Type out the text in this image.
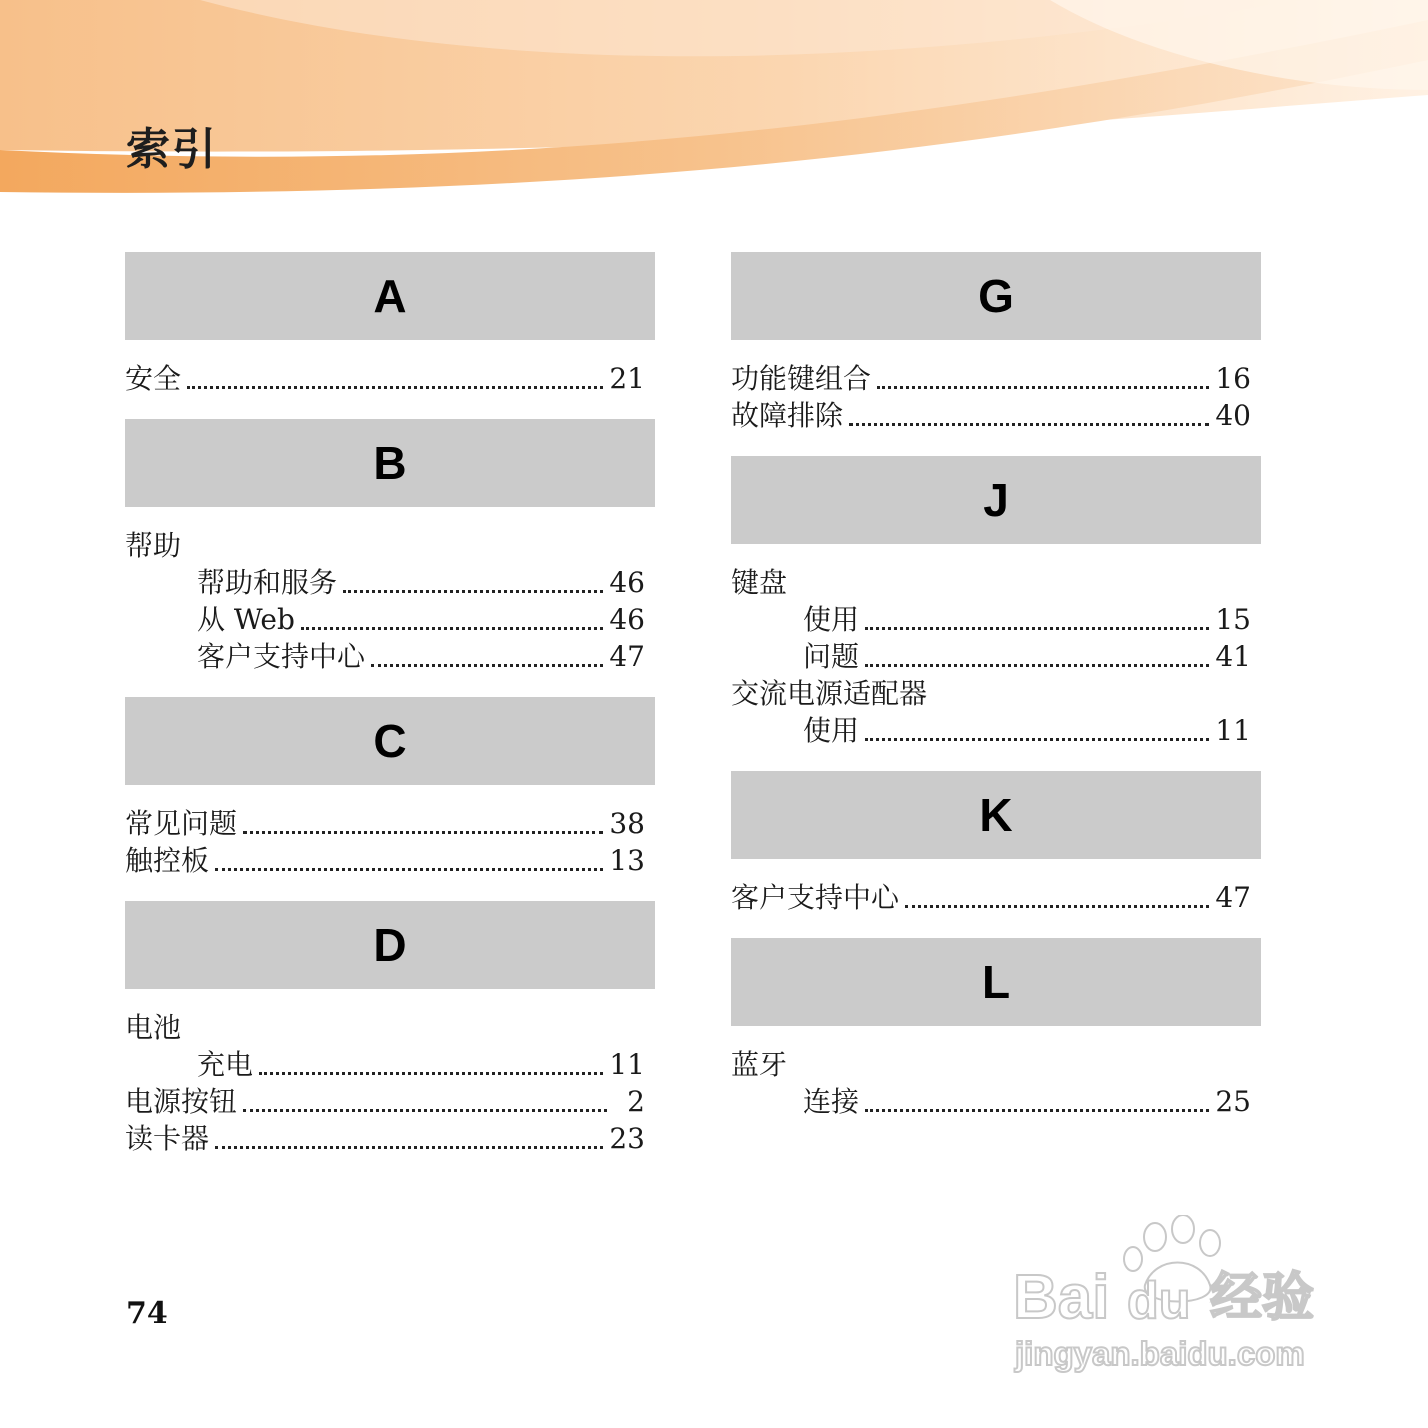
索引
A
安全	21
B
帮助
帮助和服务	46
从 Web	46
客户支持中心	47
C
常见问题	38
触控板	13
D
电池
充电	11
电源按钮	2
读卡器	23
G
功能键组合	16
故障排除	40
J
键盘
使用	15
问题	41
交流电源适配器
使用	11
K
客户支持中心	47
L
蓝牙
连接	25
74	Bai du 经验
jingyan.baidu.com
